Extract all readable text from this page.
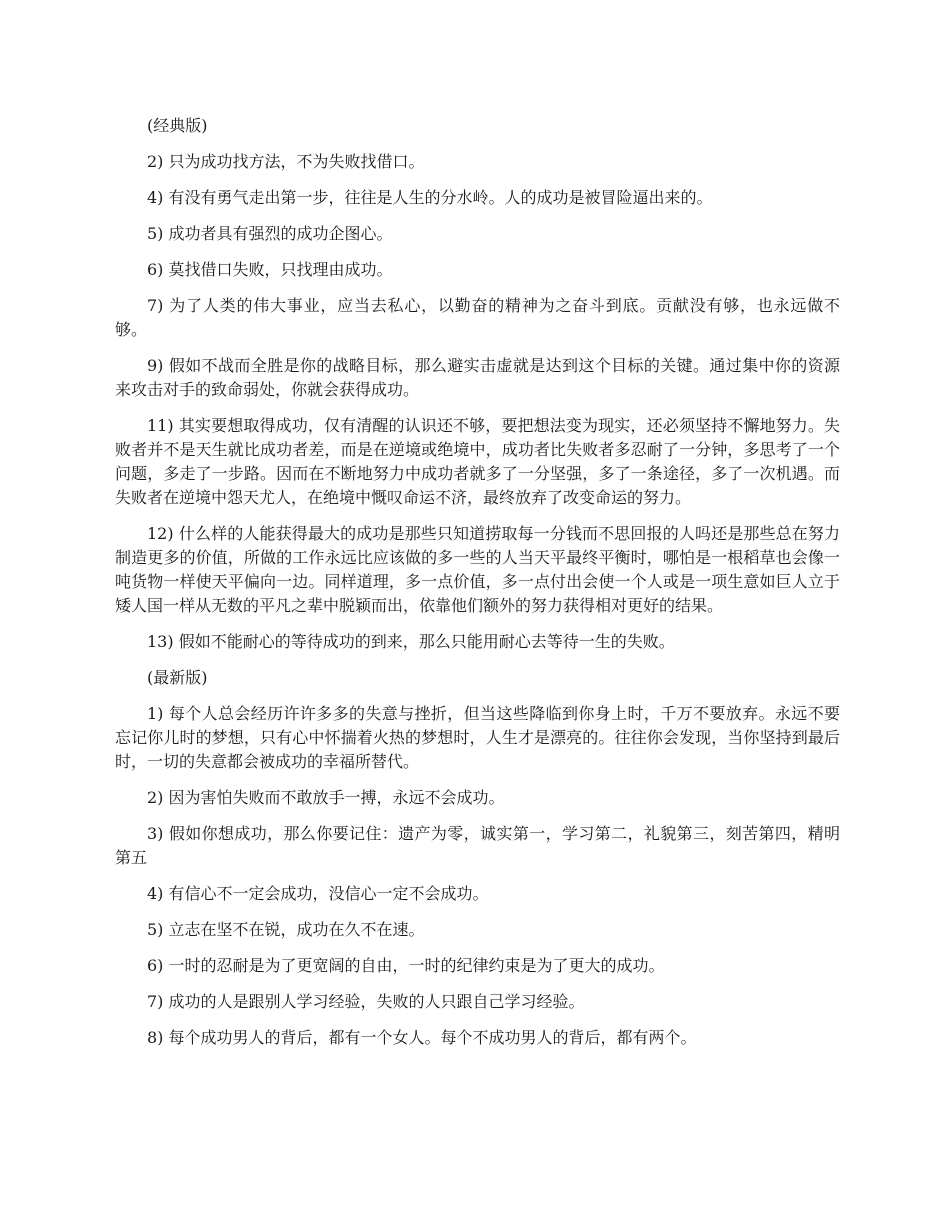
(经典版)

2) 只为成功找方法，不为失败找借口。

4) 有没有勇气走出第一步，往往是人生的分水岭。人的成功是被冒险逼出来的。

5) 成功者具有强烈的成功企图心。

6) 莫找借口失败，只找理由成功。

7) 为了人类的伟大事业，应当去私心，以勤奋的精神为之奋斗到底。贡献没有够，也永远做不够。

9) 假如不战而全胜是你的战略目标，那么避实击虚就是达到这个目标的关键。通过集中你的资源来攻击对手的致命弱处，你就会获得成功。

11) 其实要想取得成功，仅有清醒的认识还不够，要把想法变为现实，还必须坚持不懈地努力。失败者并不是天生就比成功者差，而是在逆境或绝境中，成功者比失败者多忍耐了一分钟，多思考了一个问题，多走了一步路。因而在不断地努力中成功者就多了一分坚强，多了一条途径，多了一次机遇。而失败者在逆境中怨天尤人，在绝境中慨叹命运不济，最终放弃了改变命运的努力。

12) 什么样的人能获得最大的成功是那些只知道捞取每一分钱而不思回报的人吗还是那些总在努力制造更多的价值，所做的工作永远比应该做的多一些的人当天平最终平衡时，哪怕是一根稻草也会像一吨货物一样使天平偏向一边。同样道理，多一点价值，多一点付出会使一个人或是一项生意如巨人立于矮人国一样从无数的平凡之辈中脱颖而出，依靠他们额外的努力获得相对更好的结果。

13) 假如不能耐心的等待成功的到来，那么只能用耐心去等待一生的失败。

(最新版)

1) 每个人总会经历许许多多的失意与挫折，但当这些降临到你身上时，千万不要放弃。永远不要忘记你儿时的梦想，只有心中怀揣着火热的梦想时，人生才是漂亮的。往往你会发现，当你坚持到最后时，一切的失意都会被成功的幸福所替代。

2) 因为害怕失败而不敢放手一搏，永远不会成功。

3) 假如你想成功，那么你要记住：遗产为零，诚实第一，学习第二，礼貌第三，刻苦第四，精明第五

4) 有信心不一定会成功，没信心一定不会成功。

5) 立志在坚不在锐，成功在久不在速。

6) 一时的忍耐是为了更宽阔的自由，一时的纪律约束是为了更大的成功。

7) 成功的人是跟别人学习经验，失败的人只跟自己学习经验。

8) 每个成功男人的背后，都有一个女人。每个不成功男人的背后，都有两个。
